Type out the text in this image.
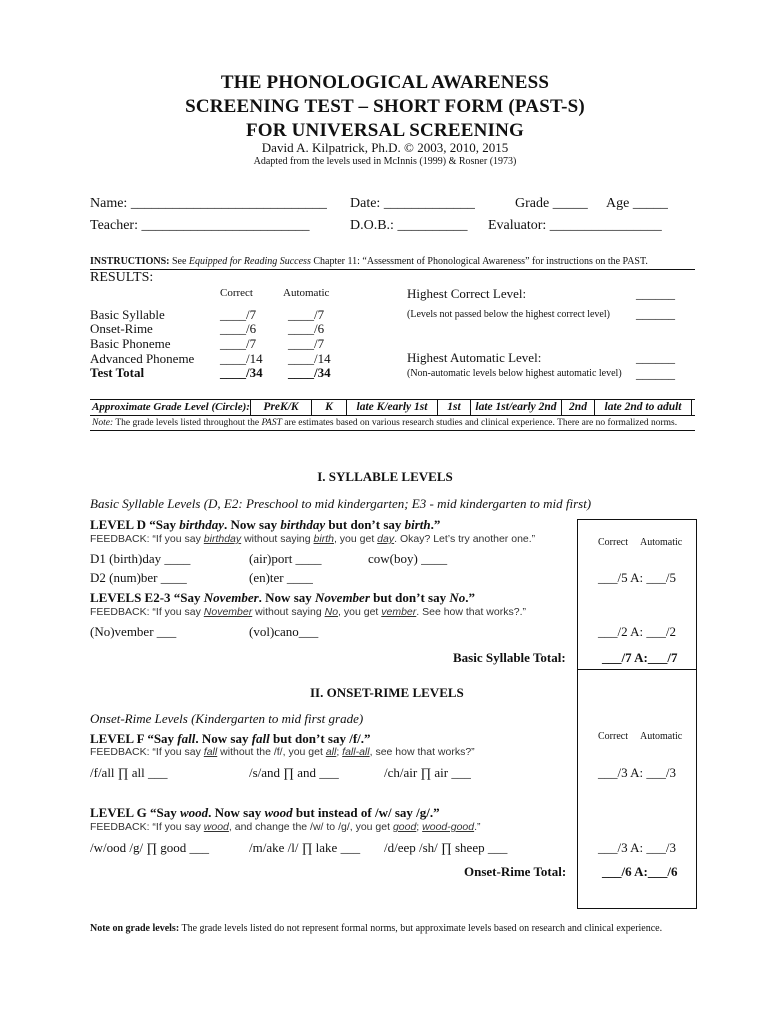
THE PHONOLOGICAL AWARENESS
SCREENING TEST – SHORT FORM (PAST-S)
FOR UNIVERSAL SCREENING
David A. Kilpatrick, Ph.D. © 2003, 2010, 2015
Adapted from the levels used in McInnis (1999) & Rosner (1973)
Name: ____________________________ Date: _____________	Grade _____ Age _____
Teacher: ________________________	D.O.B.: __________ Evaluator: ________________
INSTRUCTIONS: See Equipped for Reading Success Chapter 11: “Assessment of Phonological Awareness” for instructions on the PAST.
RESULTS:
Correct	Automatic
Basic Syllable	____/7 ____/7
Onset-Rime	____/6 ____/6
Basic Phoneme	____/7 ____/7
Advanced Phoneme ____/14 ____/14
Test Total	____/34 ____/34
Highest Correct Level:	______
(Levels not passed below the highest correct level) ______
Highest Automatic Level:	______
(Non-automatic levels below highest automatic level) ______
Approximate Grade Level (Circle):	PreK/K	K	late K/early 1st	1st	late 1st/early 2nd	2nd	late 2nd to adult
Note: The grade levels listed throughout the PAST are estimates based on various research studies and clinical experience. There are no formalized norms.
I. SYLLABLE LEVELS
Basic Syllable Levels (D, E2: Preschool to mid kindergarten; E3 - mid kindergarten to mid first)
LEVEL D “Say birthday. Now say birthday but don’t say birth.”
FEEDBACK: “If you say birthday without saying birth, you get day. Okay? Let’s try another one.”	Correct Automatic
D1 (birth)day ____	(air)port ____	cow(boy) ____
D2 (num)ber ____	(en)ter ____	___/5 A: ___/5
LEVELS E2-3 “Say November. Now say November but don’t say No.”
FEEDBACK: “If you say November without saying No, you get vember. See how that works?.”
(No)vember ___	(vol)cano___	___/2 A: ___/2
Basic Syllable Total:	___/7 A:___/7
II. ONSET-RIME LEVELS
Onset-Rime Levels (Kindergarten to mid first grade)
LEVEL F “Say fall. Now say fall but don’t say /f/.”	Correct Automatic
FEEDBACK: “If you say fall without the /f/, you get all; fall-all, see how that works?”
/f/all ∏ all ___	/s/and ∏ and ___	/ch/air ∏ air ___	___/3 A: ___/3
LEVEL G “Say wood. Now say wood but instead of /w/ say /g/.”
FEEDBACK: “If you say wood, and change the /w/ to /g/, you get good; wood-good.”
/w/ood /g/ ∏ good ___	/m/ake /l/ ∏ lake ___ /d/eep /sh/ ∏ sheep ___	___/3 A: ___/3
Onset-Rime Total:	___/6 A:___/6
Note on grade levels: The grade levels listed do not represent formal norms, but approximate levels based on research and clinical experience.
